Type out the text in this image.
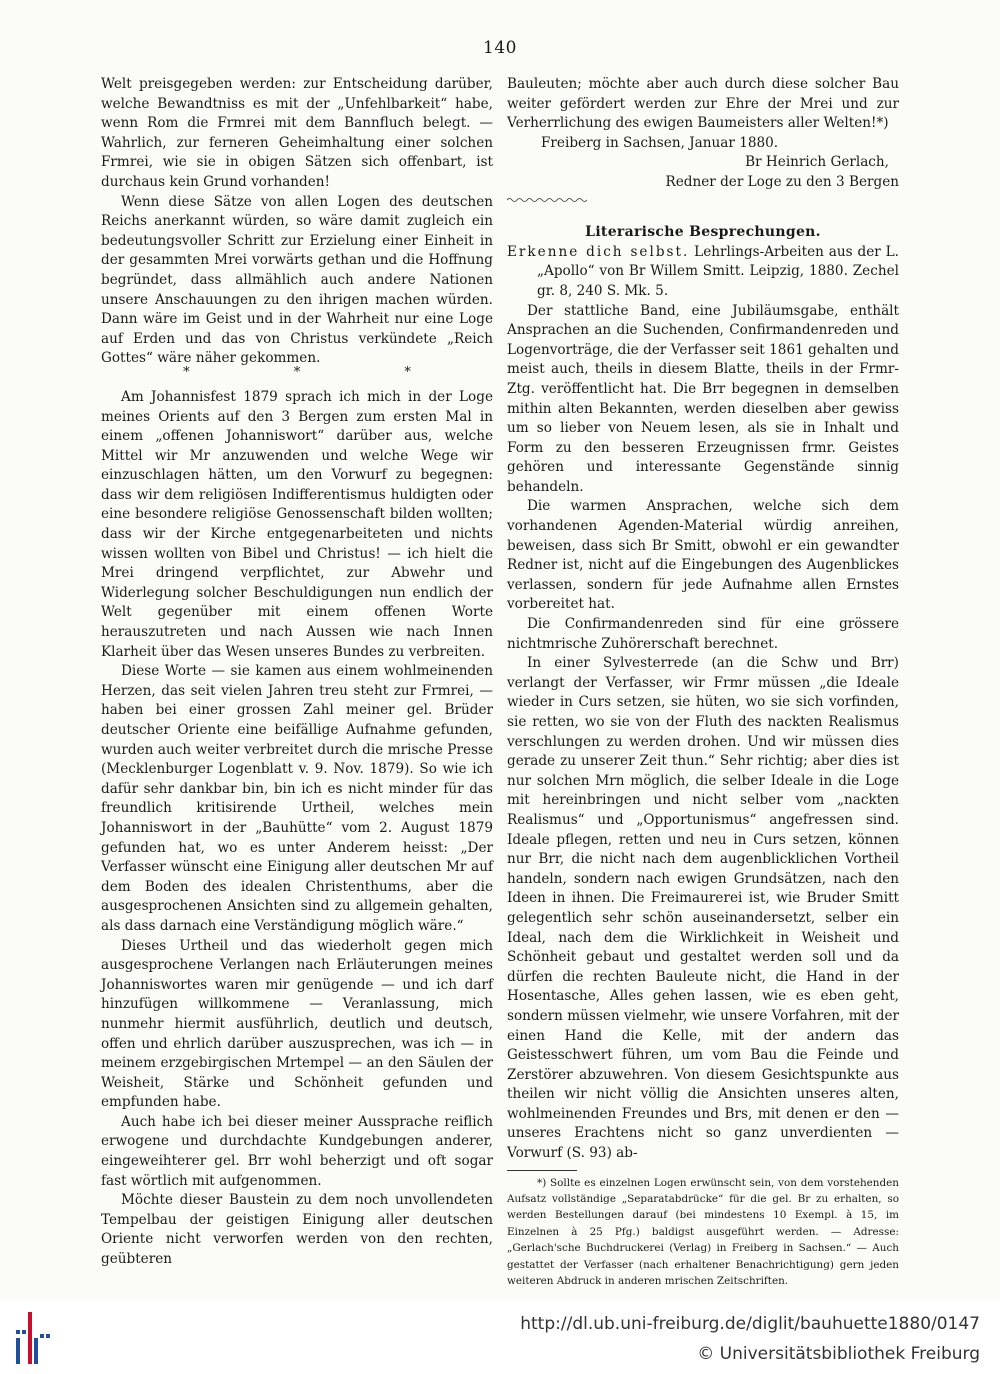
140

Welt preisgegeben werden: zur Entscheidung darüber, welche Bewandtniss es mit der „Unfehlbarkeit“ habe, wenn Rom die Frmrei mit dem Bannfluch belegt. — Wahrlich, zur ferneren Geheimhaltung einer solchen Frmrei, wie sie in obigen Sätzen sich offenbart, ist durchaus kein Grund vorhanden!

Wenn diese Sätze von allen Logen des deutschen Reichs anerkannt würden, so wäre damit zugleich ein bedeutungsvoller Schritt zur Erzielung einer Einheit in der gesammten Mrei vorwärts gethan und die Hoffnung begründet, dass allmählich auch andere Nationen unsere Anschauungen zu den ihrigen machen würden. Dann wäre im Geist und in der Wahrheit nur eine Loge auf Erden und das von Christus verkündete „Reich Gottes“ wäre näher gekommen.

* * *

Am Johannisfest 1879 sprach ich mich in der Loge meines Orients auf den 3 Bergen zum ersten Mal in einem „offenen Johanniswort“ darüber aus, welche Mittel wir Mr anzuwenden und welche Wege wir einzuschlagen hätten, um den Vorwurf zu begegnen: dass wir dem religiösen Indifferentismus huldigten oder eine besondere religiöse Genossenschaft bilden wollten; dass wir der Kirche entgegenarbeiteten und nichts wissen wollten von Bibel und Christus! — ich hielt die Mrei dringend verpflichtet, zur Abwehr und Widerlegung solcher Beschuldigungen nun endlich der Welt gegenüber mit einem offenen Worte herauszutreten und nach Aussen wie nach Innen Klarheit über das Wesen unseres Bundes zu verbreiten.

Diese Worte — sie kamen aus einem wohlmeinenden Herzen, das seit vielen Jahren treu steht zur Frmrei, — haben bei einer grossen Zahl meiner gel. Brüder deutscher Oriente eine beifällige Aufnahme gefunden, wurden auch weiter verbreitet durch die mrische Presse (Mecklenburger Logenblatt v. 9. Nov. 1879). So wie ich dafür sehr dankbar bin, bin ich es nicht minder für das freundlich kritisirende Urtheil, welches mein Johanniswort in der „Bauhütte“ vom 2. August 1879 gefunden hat, wo es unter Anderem heisst: „Der Verfasser wünscht eine Einigung aller deutschen Mr auf dem Boden des idealen Christenthums, aber die ausgesprochenen Ansichten sind zu allgemein gehalten, als dass darnach eine Verständigung möglich wäre.“

Dieses Urtheil und das wiederholt gegen mich ausgesprochene Verlangen nach Erläuterungen meines Johanniswortes waren mir genügende — und ich darf hinzufügen willkommene — Veranlassung, mich nunmehr hiermit ausführlich, deutlich und deutsch, offen und ehrlich darüber auszusprechen, was ich — in meinem erzgebirgischen Mrtempel — an den Säulen der Weisheit, Stärke und Schönheit gefunden und empfunden habe.

Auch habe ich bei dieser meiner Aussprache reiflich erwogene und durchdachte Kundgebungen anderer, eingeweihterer gel. Brr wohl beherzigt und oft sogar fast wörtlich mit aufgenommen.

Möchte dieser Baustein zu dem noch unvollendeten Tempelbau der geistigen Einigung aller deutschen Oriente nicht verworfen werden von den rechten, geübteren

Bauleuten; möchte aber auch durch diese solcher Bau weiter gefördert werden zur Ehre der Mrei und zur Verherrlichung des ewigen Baumeisters aller Welten!*)

Freiberg in Sachsen, Januar 1880.

Br Heinrich Gerlach,

Redner der Loge zu den 3 Bergen

Literarische Besprechungen.

Erkenne dich selbst. Lehrlings-Arbeiten aus der L. „Apollo“ von Br Willem Smitt. Leipzig, 1880. Zechel gr. 8, 240 S. Mk. 5.

Der stattliche Band, eine Jubiläumsgabe, enthält Ansprachen an die Suchenden, Confirmandenreden und Logenvorträge, die der Verfasser seit 1861 gehalten und meist auch, theils in diesem Blatte, theils in der Frmr-Ztg. veröffentlicht hat. Die Brr begegnen in demselben mithin alten Bekannten, werden dieselben aber gewiss um so lieber von Neuem lesen, als sie in Inhalt und Form zu den besseren Erzeugnissen frmr. Geistes gehören und interessante Gegenstände sinnig behandeln.

Die warmen Ansprachen, welche sich dem vorhandenen Agenden-Material würdig anreihen, beweisen, dass sich Br Smitt, obwohl er ein gewandter Redner ist, nicht auf die Eingebungen des Augenblickes verlassen, sondern für jede Aufnahme allen Ernstes vorbereitet hat.

Die Confirmandenreden sind für eine grössere nichtmrische Zuhörerschaft berechnet.

In einer Sylvesterrede (an die Schw und Brr) verlangt der Verfasser, wir Frmr müssen „die Ideale wieder in Curs setzen, sie hüten, wo sie sich vorfinden, sie retten, wo sie von der Fluth des nackten Realismus verschlungen zu werden drohen. Und wir müssen dies gerade zu unserer Zeit thun.“ Sehr richtig; aber dies ist nur solchen Mrn möglich, die selber Ideale in die Loge mit hereinbringen und nicht selber vom „nackten Realismus“ und „Opportunismus“ angefressen sind. Ideale pflegen, retten und neu in Curs setzen, können nur Brr, die nicht nach dem augenblicklichen Vortheil handeln, sondern nach ewigen Grundsätzen, nach den Ideen in ihnen. Die Freimaurerei ist, wie Bruder Smitt gelegentlich sehr schön auseinandersetzt, selber ein Ideal, nach dem die Wirklichkeit in Weisheit und Schönheit gebaut und gestaltet werden soll und da dürfen die rechten Bauleute nicht, die Hand in der Hosentasche, Alles gehen lassen, wie es eben geht, sondern müssen vielmehr, wie unsere Vorfahren, mit der einen Hand die Kelle, mit der andern das Geistesschwert führen, um vom Bau die Feinde und Zerstörer abzuwehren. Von diesem Gesichtspunkte aus theilen wir nicht völlig die Ansichten unseres alten, wohlmeinenden Freundes und Brs, mit denen er den — unseres Erachtens nicht so ganz unverdienten — Vorwurf (S. 93) ab-

*) Sollte es einzelnen Logen erwünscht sein, von dem vorstehenden Aufsatz vollständige „Separatabdrücke“ für die gel. Br zu erhalten, so werden Bestellungen darauf (bei mindestens 10 Exempl. à 15, im Einzelnen à 25 Pfg.) baldigst ausgeführt werden. — Adresse: „Gerlach'sche Buchdruckerei (Verlag) in Freiberg in Sachsen.“ — Auch gestattet der Verfasser (nach erhaltener Benachrichtigung) gern jeden weiteren Abdruck in anderen mrischen Zeitschriften.

http://dl.ub.uni-freiburg.de/diglit/bauhuette1880/0147
© Universitätsbibliothek Freiburg
